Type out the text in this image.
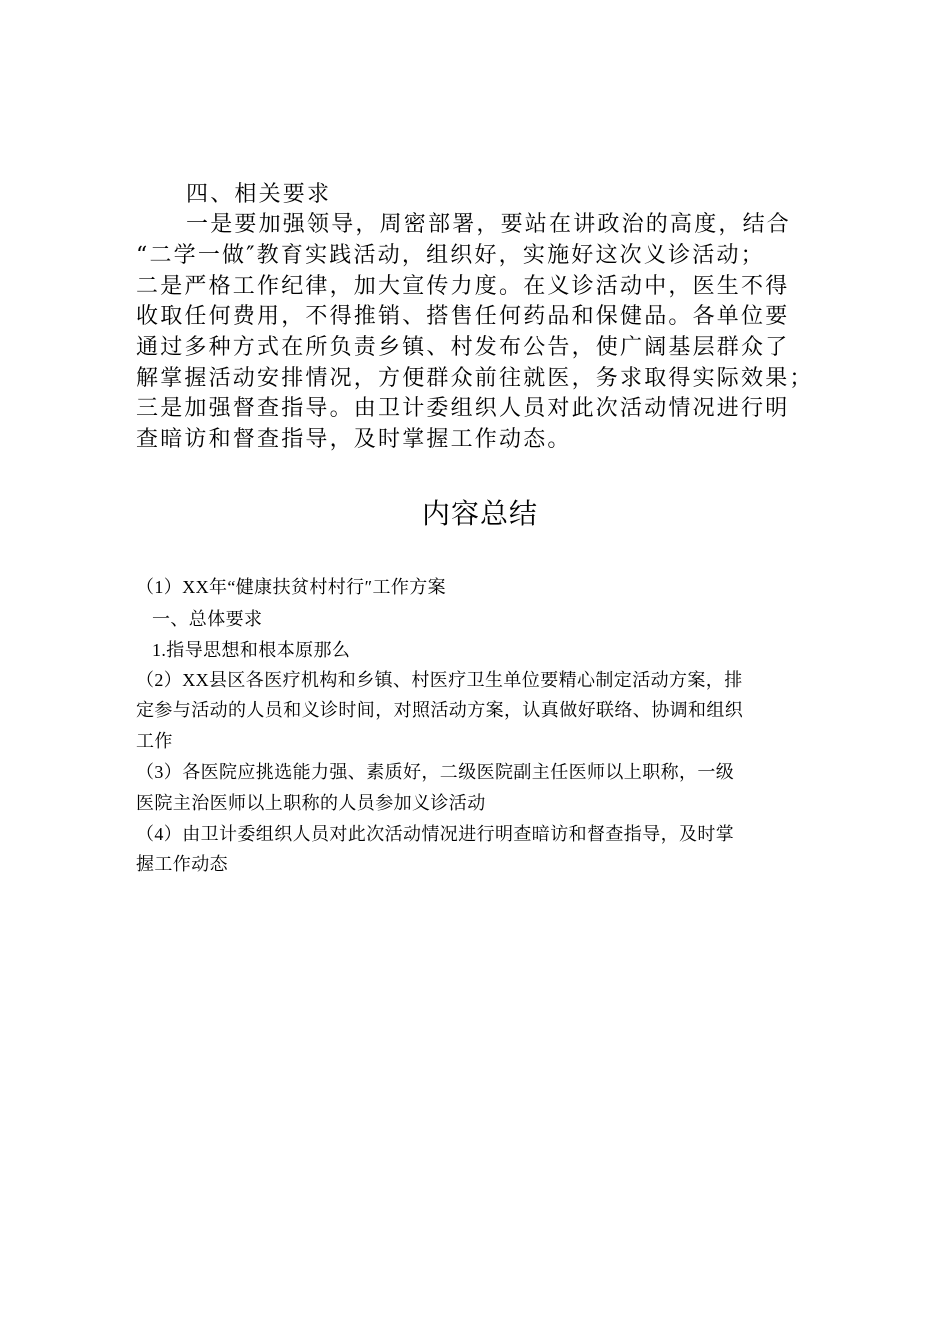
四、相关要求
一是要加强领导，周密部署，要站在讲政治的高度，结合
“二学一做″教育实践活动，组织好，实施好这次义诊活动；
二是严格工作纪律，加大宣传力度。在义诊活动中，医生不得
收取任何费用，不得推销、搭售任何药品和保健品。各单位要
通过多种方式在所负责乡镇、村发布公告，使广阔基层群众了
解掌握活动安排情况，方便群众前往就医，务求取得实际效果；
三是加强督查指导。由卫计委组织人员对此次活动情况进行明
查暗访和督查指导，及时掌握工作动态。
内容总结
（1）XX年“健康扶贫村村行″工作方案
一、总体要求
1.指导思想和根本原那么
（2）XX县区各医疗机构和乡镇、村医疗卫生单位要精心制定活动方案，排
定参与活动的人员和义诊时间，对照活动方案，认真做好联络、协调和组织
工作
（3）各医院应挑选能力强、素质好，二级医院副主任医师以上职称，一级
医院主治医师以上职称的人员参加义诊活动
（4）由卫计委组织人员对此次活动情况进行明查暗访和督查指导，及时掌
握工作动态
